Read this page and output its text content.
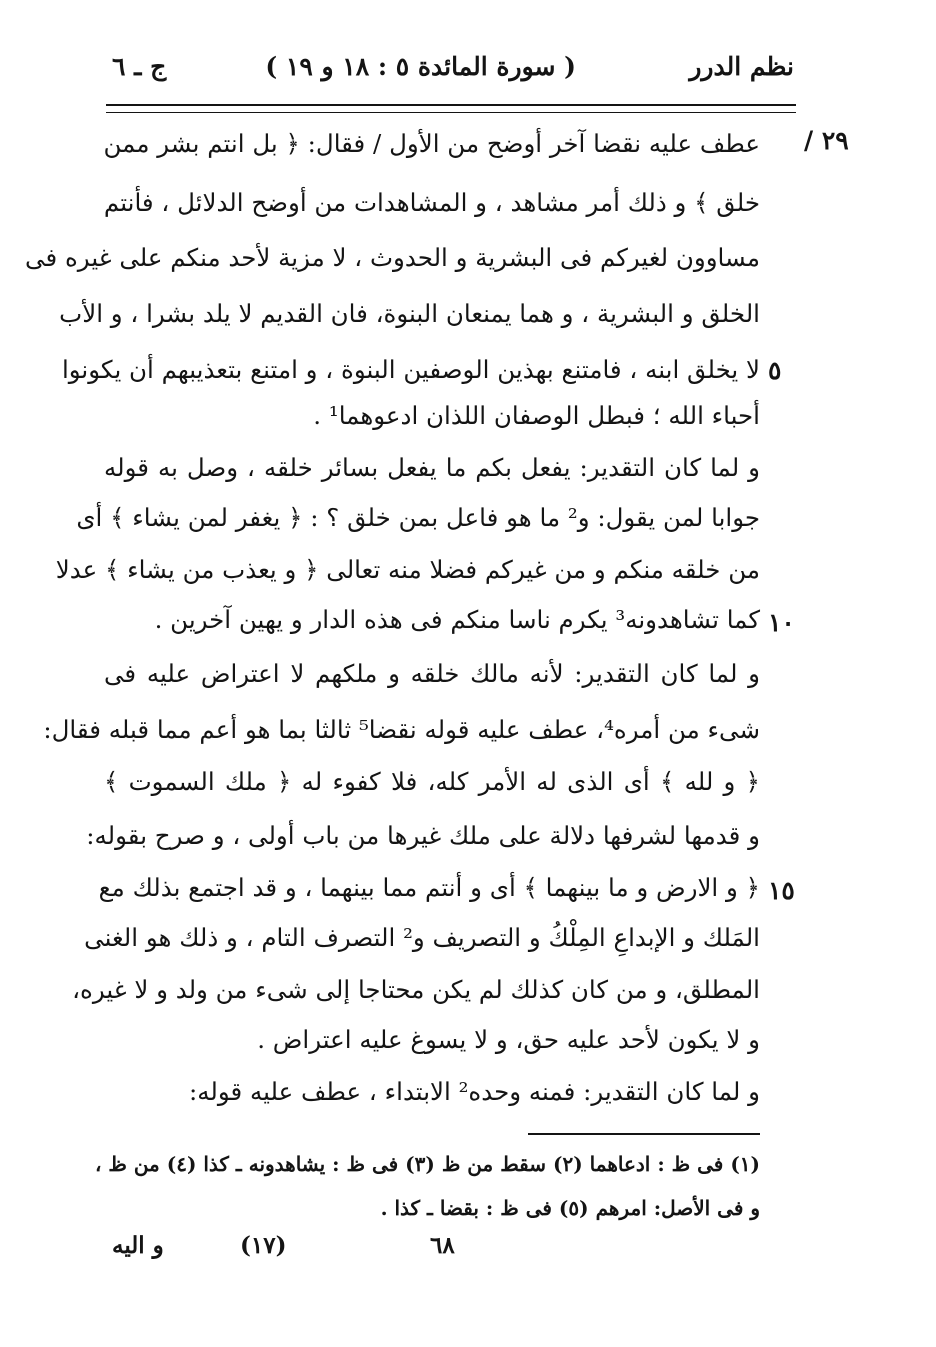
نظم الدرر
( سورة المائدة ٥ : ١٨ و ١٩ )
ج ـ ٦
٢٩ /
٥
١٠
١٥
عطف عليه نقضا آخر أوضح من الأول / فقال: ﴿ بل انتم بشر ممن
خلق ﴾ و ذلك أمر مشاهد ، و المشاهدات من أوضح الدلائل ، فأنتم
مساوون لغيركم فى البشرية و الحدوث ، لا مزية لأحد منكم على غيره فى
الخلق و البشرية ، و هما يمنعان البنوة، فان القديم لا يلد بشرا ، و الأب
لا يخلق ابنه ، فامتنع بهذين الوصفين البنوة ، و امتنع بتعذيبهم أن يكونوا
أحباء الله ؛ فبطل الوصفان اللذان ادعوهما¹ .
و لما كان التقدير: يفعل بكم ما يفعل بسائر خلقه ، وصل به قوله
جوابا لمن يقول: و² ما هو فاعل بمن خلق ؟ : ﴿ يغفر لمن يشاء ﴾ أى
من خلقه منكم و من غيركم فضلا منه تعالى ﴿ و يعذب من يشاء ﴾ عدلا
كما تشاهدونه³ يكرم ناسا منكم فى هذه الدار و يهين آخرين .
و لما كان التقدير: لأنه مالك خلقه و ملكهم لا اعتراض عليه فى
شىء من أمره⁴، عطف عليه قوله نقضا⁵ ثالثا بما هو أعم مما قبله فقال:
﴿ و لله ﴾ أى الذى له الأمر كله، فلا كفوء له ﴿ ملك السموت ﴾
و قدمها لشرفها دلالة على ملك غيرها من باب أولى ، و صرح بقوله:
﴿ و الارض و ما بينهما ﴾ أى و أنتم مما بينهما ، و قد اجتمع بذلك مع
المَلك و الإبداعِ المِلْكُ و التصريف و² التصرف التام ، و ذلك هو الغنى
المطلق، و من كان كذلك لم يكن محتاجا إلى شىء من ولد و لا غيره،
و لا يكون لأحد عليه حق، و لا يسوغ عليه اعتراض .
و لما كان التقدير: فمنه وحده² الابتداء ، عطف عليه قوله:
(١) فى ظ : ادعاهما (٢) سقط من ظ (٣) فى ظ : يشاهدونه ـ كذا (٤) من ظ ،
و فى الأصل: امرهم (٥) فى ظ : بقضا ـ كذا .
و اليه	(١٧)	٦٨
